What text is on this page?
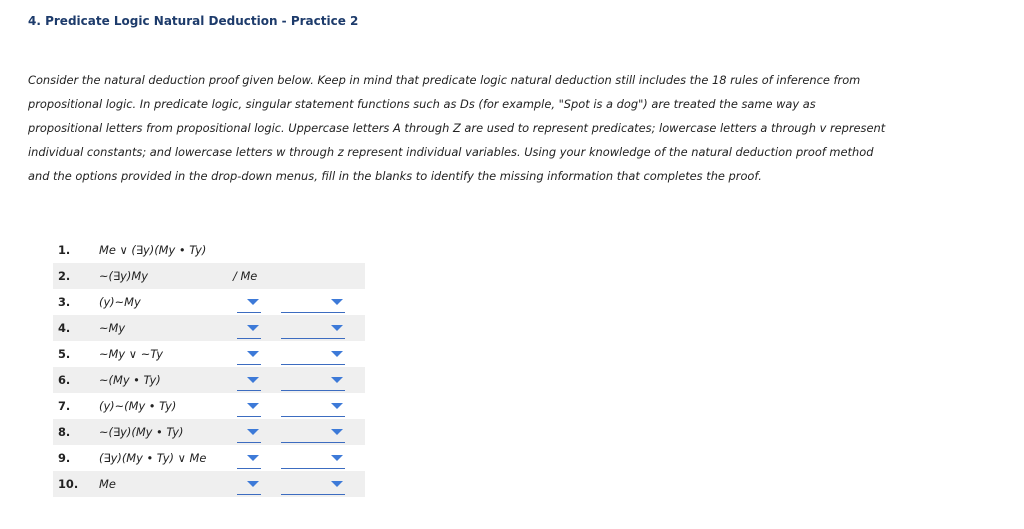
4. Predicate Logic Natural Deduction - Practice 2
Consider the natural deduction proof given below. Keep in mind that predicate logic natural deduction still includes the 18 rules of inference from
propositional logic. In predicate logic, singular statement functions such as Ds (for example, "Spot is a dog") are treated the same way as
propositional letters from propositional logic. Uppercase letters A through Z are used to represent predicates; lowercase letters a through v represent
individual constants; and lowercase letters w through z represent individual variables. Using your knowledge of the natural deduction proof method
and the options provided in the drop-down menus, fill in the blanks to identify the missing information that completes the proof.
1.	Me ∨ (∃y)(My • Ty)
2.	~(∃y)My	/ Me
3.	(y)~My
4.	~My
5.	~My ∨ ~Ty
6.	~(My • Ty)
7.	(y)~(My • Ty)
8.	~(∃y)(My • Ty)
9.	(∃y)(My • Ty) ∨ Me
10. Me
